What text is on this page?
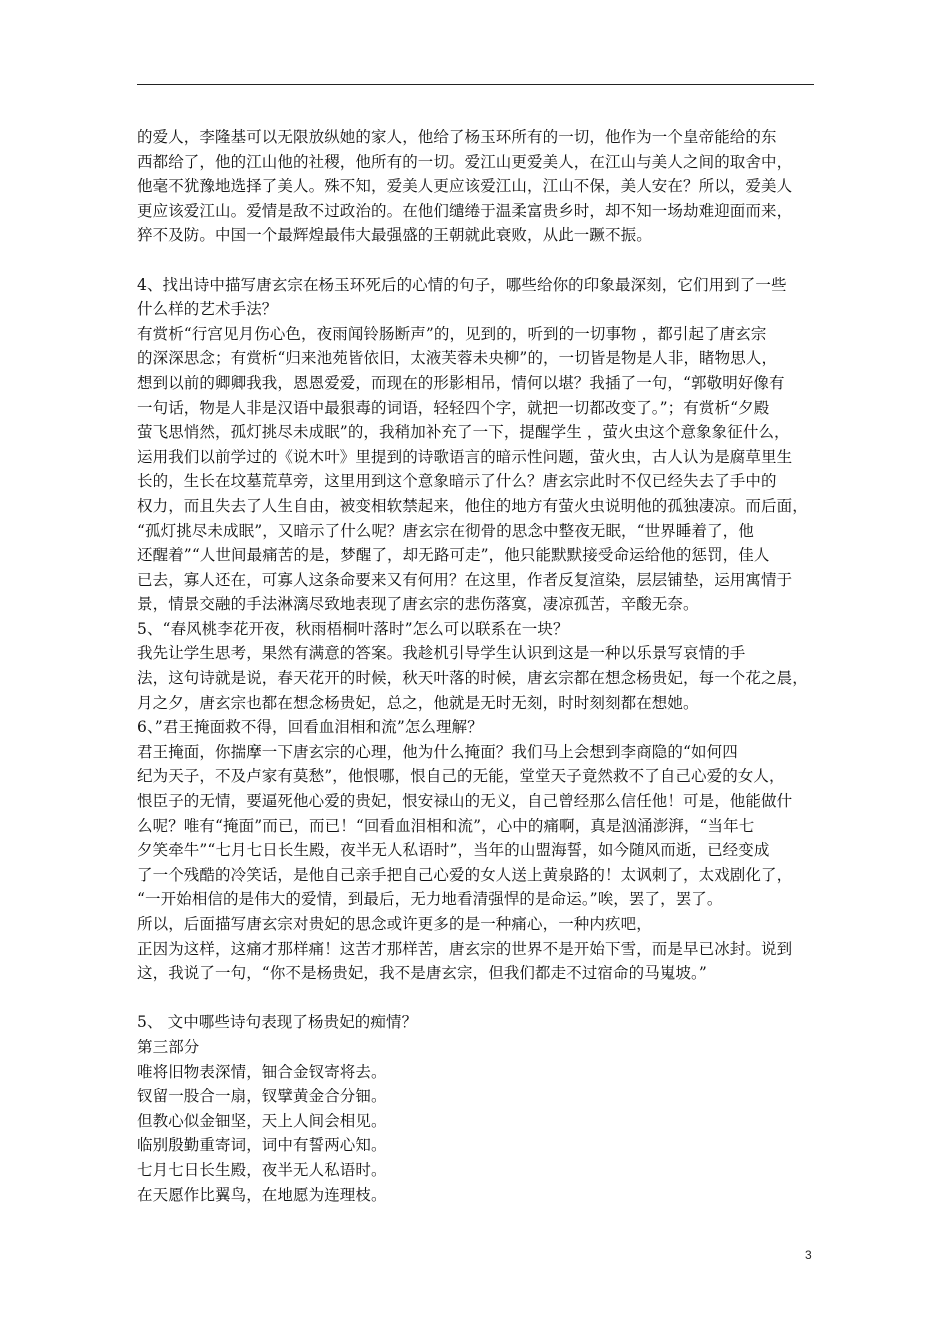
的爱人，李隆基可以无限放纵她的家人，他给了杨玉环所有的一切，他作为一个皇帝能给的东
西都给了，他的江山他的社稷，他所有的一切。爱江山更爱美人，在江山与美人之间的取舍中，
他毫不犹豫地选择了美人。殊不知，爱美人更应该爱江山，江山不保，美人安在？所以，爱美人
更应该爱江山。爱情是敌不过政治的。在他们缱绻于温柔富贵乡时，却不知一场劫难迎面而来，
猝不及防。中国一个最辉煌最伟大最强盛的王朝就此衰败，从此一蹶不振。
4、找出诗中描写唐玄宗在杨玉环死后的心情的句子，哪些给你的印象最深刻，它们用到了一些
什么样的艺术手法？
有赏析“行宫见月伤心色，夜雨闻铃肠断声”的，见到的，听到的一切事物 ，都引起了唐玄宗
的深深思念；有赏析“归来池苑皆依旧，太液芙蓉未央柳”的，一切皆是物是人非，睹物思人，
想到以前的卿卿我我，恩恩爱爱，而现在的形影相吊，情何以堪？我插了一句，“郭敬明好像有
一句话，物是人非是汉语中最狠毒的词语，轻轻四个字，就把一切都改变了。”；有赏析“夕殿
萤飞思悄然，孤灯挑尽未成眠”的，我稍加补充了一下，提醒学生 ，萤火虫这个意象象征什么，
运用我们以前学过的《说木叶》里提到的诗歌语言的暗示性问题，萤火虫，古人认为是腐草里生
长的，生长在坟墓荒草旁，这里用到这个意象暗示了什么？唐玄宗此时不仅已经失去了手中的
权力，而且失去了人生自由，被变相软禁起来，他住的地方有萤火虫说明他的孤独凄凉。而后面，
“孤灯挑尽未成眠”，又暗示了什么呢？唐玄宗在彻骨的思念中整夜无眠，“世界睡着了，他
还醒着”“人世间最痛苦的是，梦醒了，却无路可走”，他只能默默接受命运给他的惩罚，佳人
已去，寡人还在，可寡人这条命要来又有何用？在这里，作者反复渲染，层层铺垫，运用寓情于
景，情景交融的手法淋漓尽致地表现了唐玄宗的悲伤落寞，凄凉孤苦，辛酸无奈。
5、“春风桃李花开夜，秋雨梧桐叶落时”怎么可以联系在一块？
我先让学生思考，果然有满意的答案。我趁机引导学生认识到这是一种以乐景写哀情的手
法，这句诗就是说，春天花开的时候，秋天叶落的时候，唐玄宗都在想念杨贵妃，每一个花之晨，
月之夕，唐玄宗也都在想念杨贵妃，总之，他就是无时无刻，时时刻刻都在想她。
6、”君王掩面救不得，回看血泪相和流”怎么理解？
君王掩面，你揣摩一下唐玄宗的心理，他为什么掩面？我们马上会想到李商隐的“如何四
纪为天子，不及卢家有莫愁”，他恨哪，恨自己的无能，堂堂天子竟然救不了自己心爱的女人，
恨臣子的无情，要逼死他心爱的贵妃，恨安禄山的无义，自己曾经那么信任他！可是，他能做什
么呢？唯有“掩面”而已，而已！“回看血泪相和流”，心中的痛啊，真是汹涌澎湃，“当年七
夕笑牵牛”“七月七日长生殿，夜半无人私语时”，当年的山盟海誓，如今随风而逝，已经变成
了一个残酷的冷笑话，是他自己亲手把自己心爱的女人送上黄泉路的！太讽刺了，太戏剧化了，
“一开始相信的是伟大的爱情，到最后，无力地看清强悍的是命运。”唉，罢了，罢了。
所以，后面描写唐玄宗对贵妃的思念或许更多的是一种痛心，一种内疚吧，
正因为这样，这痛才那样痛！这苦才那样苦，唐玄宗的世界不是开始下雪，而是早已冰封。说到
这，我说了一句，“你不是杨贵妃，我不是唐玄宗，但我们都走不过宿命的马嵬坡。”
5、 文中哪些诗句表现了杨贵妃的痴情？
第三部分
唯将旧物表深情，钿合金钗寄将去。
钗留一股合一扇，钗擘黄金合分钿。
但教心似金钿坚，天上人间会相见。
临别殷勤重寄词，词中有誓两心知。
七月七日长生殿，夜半无人私语时。
在天愿作比翼鸟，在地愿为连理枝。
3
